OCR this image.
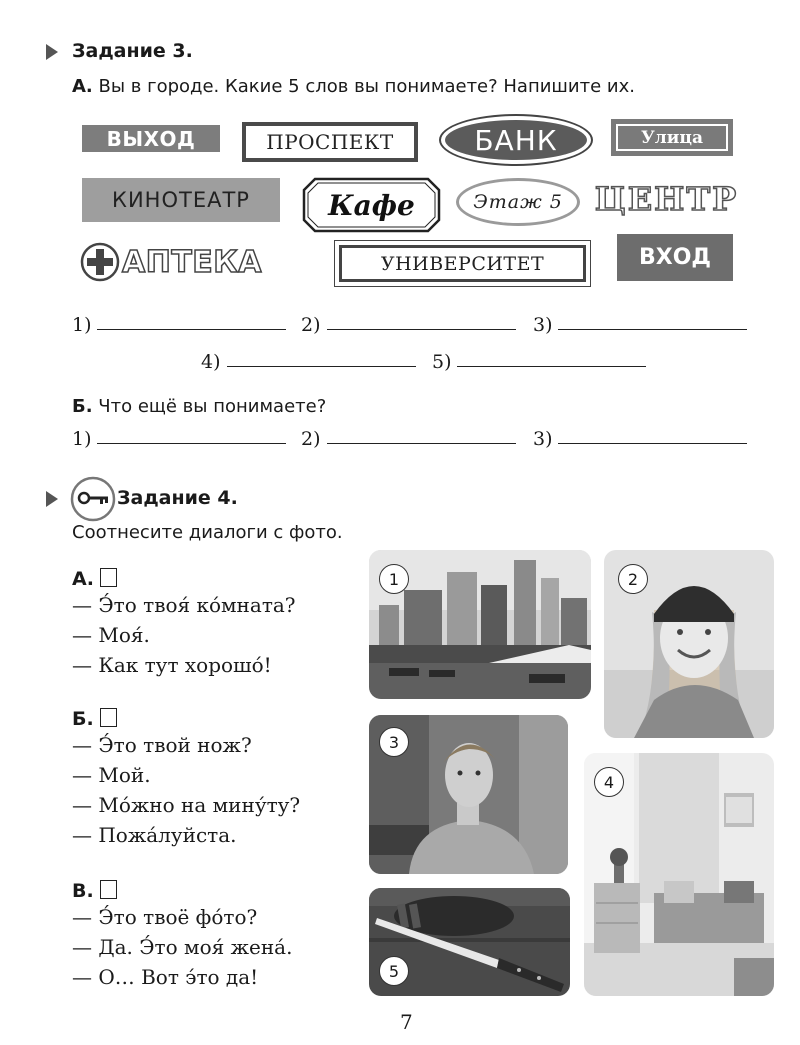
Задание 3.
А. Вы в городе. Какие 5 слов вы понимаете? Напишите их.
ВЫХОД	ПРОСПЕКТ	БАНК	Улица
КИНОТЕАТР	Кафе	Этаж 5	ЦЕНТР
АПТЕКА	УНИВЕРСИТЕТ	ВХОД
1)	2)	3)
4)	5)
Б. Что ещё вы понимаете?
1)	2)	3)
Задание 4.
Соотнесите диалоги с фото.
А.
— Э́то твоя́ ко́мната?
— Моя́.
— Как тут хорошо́!
Б.
— Э́то твой нож?
— Мой.
— Мо́жно на мину́ту?
— Пожа́луйста.
В.
— Э́то твоё фо́то?
— Да. Э́то моя́ жена́.
— О… Вот э́то да!
1	2
3
4
5
7
